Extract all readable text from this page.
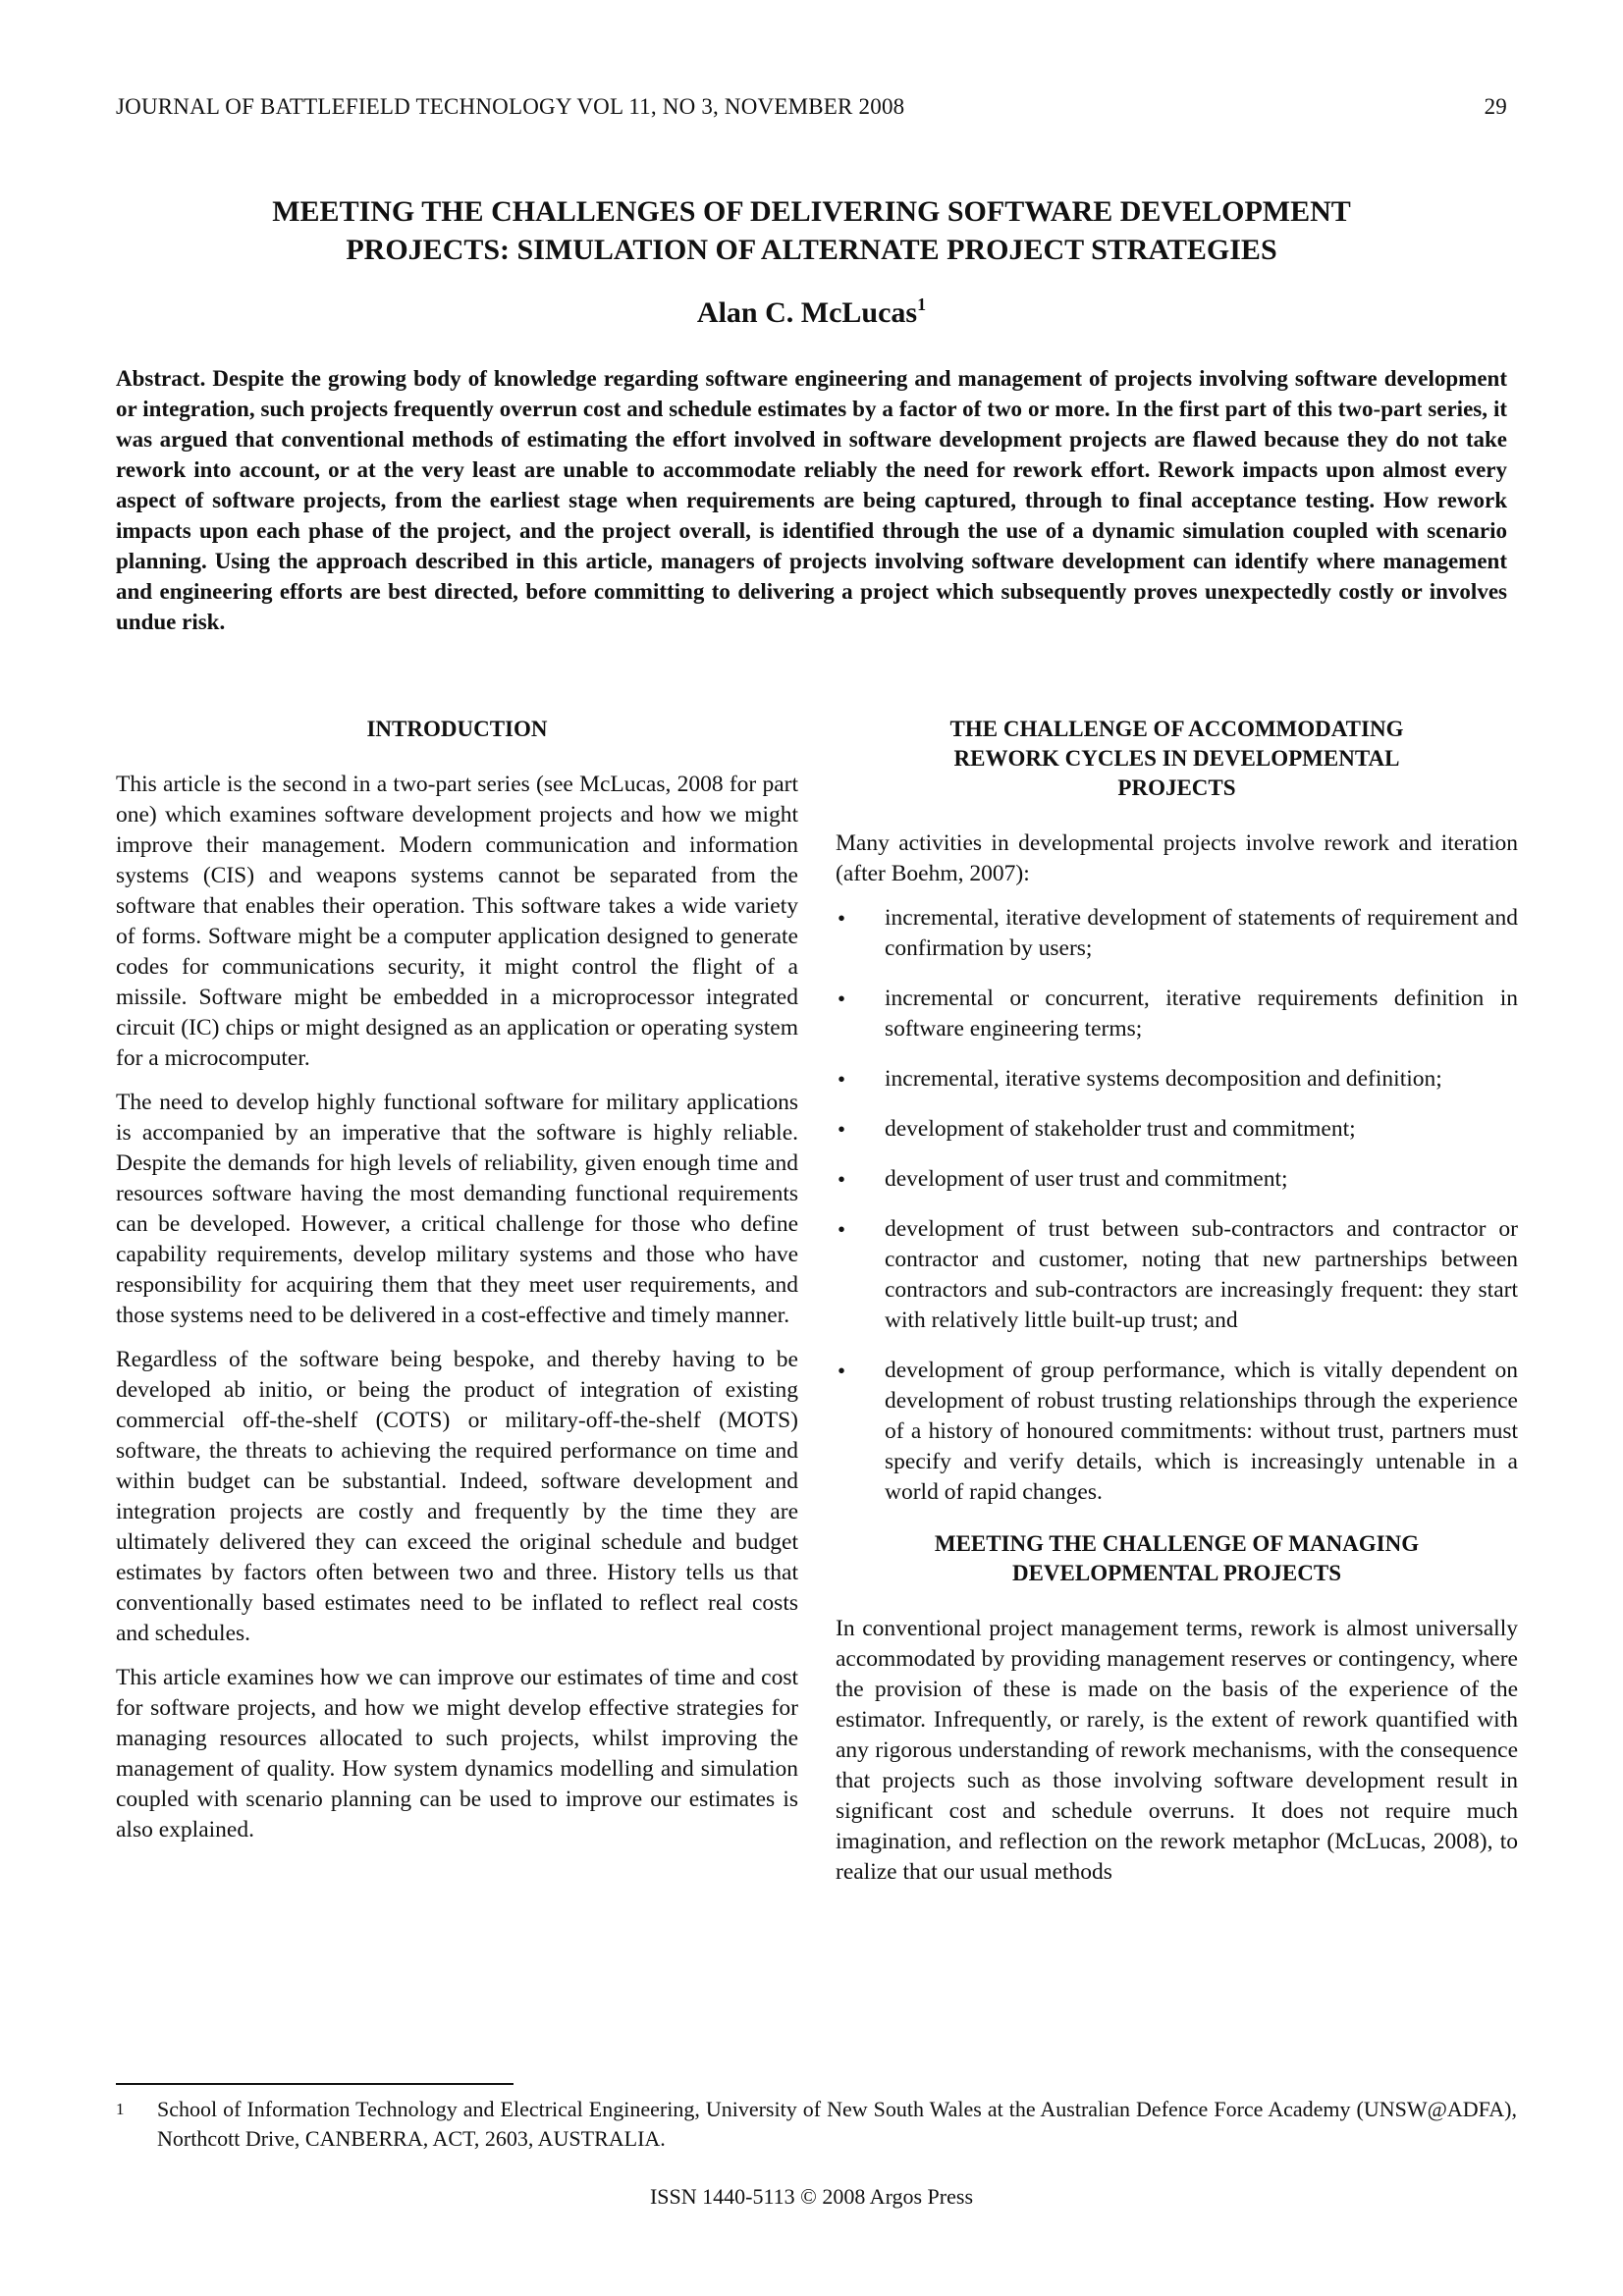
JOURNAL OF BATTLEFIELD TECHNOLOGY VOL 11, NO 3, NOVEMBER 2008	29
MEETING THE CHALLENGES OF DELIVERING SOFTWARE DEVELOPMENT
PROJECTS: SIMULATION OF ALTERNATE PROJECT STRATEGIES
Alan C. McLucas$^1$
Abstract. Despite the growing body of knowledge regarding software engineering and management of projects involving software development or integration, such projects frequently overrun cost and schedule estimates by a factor of two or more. In the first part of this two-part series, it was argued that conventional methods of estimating the effort involved in software development projects are flawed because they do not take rework into account, or at the very least are unable to accommodate reliably the need for rework effort. Rework impacts upon almost every aspect of software projects, from the earliest stage when requirements are being captured, through to final acceptance testing. How rework impacts upon each phase of the project, and the project overall, is identified through the use of a dynamic simulation coupled with scenario planning. Using the approach described in this article, managers of projects involving software development can identify where management and engineering efforts are best directed, before committing to delivering a project which subsequently proves unexpectedly costly or involves undue risk.
INTRODUCTION

This article is the second in a two-part series (see McLucas, 2008 for part one) which examines software development projects and how we might improve their management. Modern communication and information systems (CIS) and weapons systems cannot be separated from the software that enables their operation. This software takes a wide variety of forms. Software might be a computer application designed to generate codes for communications security, it might control the flight of a missile. Software might be embedded in a microprocessor integrated circuit (IC) chips or might designed as an application or operating system for a microcomputer.

The need to develop highly functional software for military applications is accompanied by an imperative that the software is highly reliable. Despite the demands for high levels of reliability, given enough time and resources software having the most demanding functional requirements can be developed. However, a critical challenge for those who define capability requirements, develop military systems and those who have responsibility for acquiring them that they meet user requirements, and those systems need to be delivered in a cost-effective and timely manner.

Regardless of the software being bespoke, and thereby having to be developed ab initio, or being the product of integration of existing commercial off-the-shelf (COTS) or military-off-the-shelf (MOTS) software, the threats to achieving the required performance on time and within budget can be substantial. Indeed, software development and integration projects are costly and frequently by the time they are ultimately delivered they can exceed the original schedule and budget estimates by factors often between two and three. History tells us that conventionally based estimates need to be inflated to reflect real costs and schedules.

This article examines how we can improve our estimates of time and cost for software projects, and how we might develop effective strategies for managing resources allocated to such projects, whilst improving the management of quality. How system dynamics modelling and simulation coupled with scenario planning can be used to improve our estimates is also explained.

THE CHALLENGE OF ACCOMMODATING
REWORK CYCLES IN DEVELOPMENTAL
PROJECTS

Many activities in developmental projects involve rework and iteration (after Boehm, 2007):

• incremental, iterative development of statements of requirement and confirmation by users;
• incremental or concurrent, iterative requirements definition in software engineering terms;
• incremental, iterative systems decomposition and definition;
• development of stakeholder trust and commitment;
• development of user trust and commitment;
• development of trust between sub-contractors and contractor or contractor and customer, noting that new partnerships between contractors and sub-contractors are increasingly frequent: they start with relatively little built-up trust; and
• development of group performance, which is vitally dependent on development of robust trusting relationships through the experience of a history of honoured commitments: without trust, partners must specify and verify details, which is increasingly untenable in a world of rapid changes.
MEETING THE CHALLENGE OF MANAGING
DEVELOPMENTAL PROJECTS

In conventional project management terms, rework is almost universally accommodated by providing management reserves or contingency, where the provision of these is made on the basis of the experience of the estimator. Infrequently, or rarely, is the extent of rework quantified with any rigorous understanding of rework mechanisms, with the consequence that projects such as those involving software development result in significant cost and schedule overruns. It does not require much imagination, and reflection on the rework metaphor (McLucas, 2008), to realize that our usual methods

1 School of Information Technology and Electrical Engineering, University of New South Wales at the Australian Defence Force Academy (UNSW@ADFA), Northcott Drive, CANBERRA, ACT, 2603, AUSTRALIA.
ISSN 1440-5113 © 2008 Argos Press
